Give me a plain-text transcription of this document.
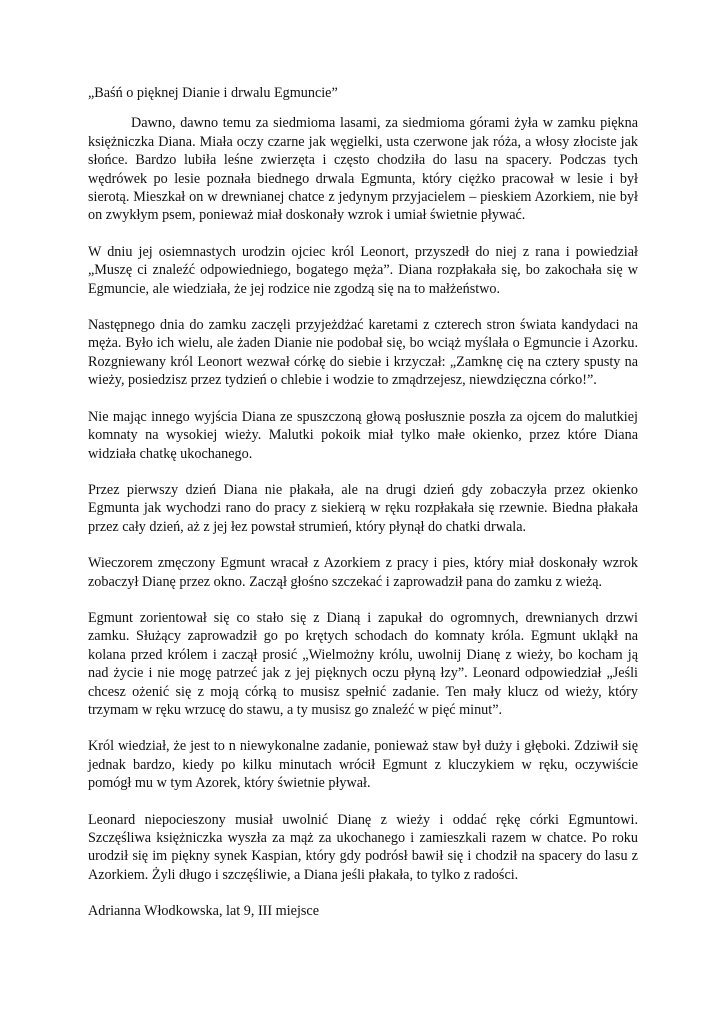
„Baśń o pięknej Dianie i drwalu Egmuncie”

Dawno, dawno temu za siedmioma lasami, za siedmioma górami żyła w zamku piękna księżniczka Diana. Miała oczy czarne jak węgielki, usta czerwone jak róża, a włosy złociste jak słońce. Bardzo lubiła leśne zwierzęta i często chodziła do lasu na spacery. Podczas tych wędrówek po lesie poznała biednego drwala Egmunta, który ciężko pracował w lesie i był sierotą. Mieszkał on w drewnianej chatce z jedynym przyjacielem – pieskiem Azorkiem, nie był on zwykłym psem, ponieważ miał doskonały wzrok i umiał świetnie pływać.

W dniu jej osiemnastych urodzin ojciec król Leonort, przyszedł do niej z rana i powiedział „Muszę ci znaleźć odpowiedniego, bogatego męża”. Diana rozpłakała się, bo zakochała się w Egmuncie, ale wiedziała, że jej rodzice nie zgodzą się na to małżeństwo.

Następnego dnia do zamku zaczęli przyjeżdżać karetami z czterech stron świata kandydaci na męża. Było ich wielu, ale żaden Dianie nie podobał się, bo wciąż myślała o Egmuncie i Azorku. Rozgniewany król Leonort wezwał córkę do siebie i krzyczał: „Zamknę cię na cztery spusty na wieży, posiedzisz przez tydzień o chlebie i wodzie to zmądrzejesz, niewdzięczna córko!”.

Nie mając innego wyjścia Diana ze spuszczoną głową posłusznie poszła za ojcem do malutkiej komnaty na wysokiej wieży. Malutki pokoik miał tylko małe okienko, przez które Diana widziała chatkę ukochanego.

Przez pierwszy dzień Diana nie płakała, ale na drugi dzień gdy zobaczyła przez okienko Egmunta jak wychodzi rano do pracy z siekierą w ręku rozpłakała się rzewnie. Biedna płakała przez cały dzień, aż z jej łez powstał strumień, który płynął do chatki drwala.

Wieczorem zmęczony Egmunt wracał z Azorkiem z pracy i pies, który miał doskonały wzrok zobaczył Dianę przez okno. Zaczął głośno szczekać i zaprowadził pana do zamku z wieżą.

Egmunt zorientował się co stało się z Dianą i zapukał do ogromnych, drewnianych drzwi zamku. Służący zaprowadził go po krętych schodach do komnaty króla. Egmunt ukląkł na kolana przed królem i zaczął prosić „Wielmożny królu, uwolnij Dianę z wieży, bo kocham ją nad życie i nie mogę patrzeć jak z jej pięknych oczu płyną łzy”. Leonard odpowiedział „Jeśli chcesz ożenić się z moją córką to musisz spełnić zadanie. Ten mały klucz od wieży, który trzymam w ręku wrzucę do stawu, a ty musisz go znaleźć w pięć minut”.

Król wiedział, że jest to n niewykonalne zadanie, ponieważ staw był duży i głęboki. Zdziwił się jednak bardzo, kiedy po kilku minutach wrócił Egmunt z kluczykiem w ręku, oczywiście pomógł mu w tym Azorek, który świetnie pływał.

Leonard niepocieszony musiał uwolnić Dianę z wieży i oddać rękę córki Egmuntowi. Szczęśliwa księżniczka wyszła za mąż za ukochanego i zamieszkali razem w chatce. Po roku urodził się im piękny synek Kaspian, który gdy podrósł bawił się i chodził na spacery do lasu z Azorkiem. Żyli długo i szczęśliwie, a Diana jeśli płakała, to tylko z radości.

Adrianna Włodkowska, lat 9, III miejsce
